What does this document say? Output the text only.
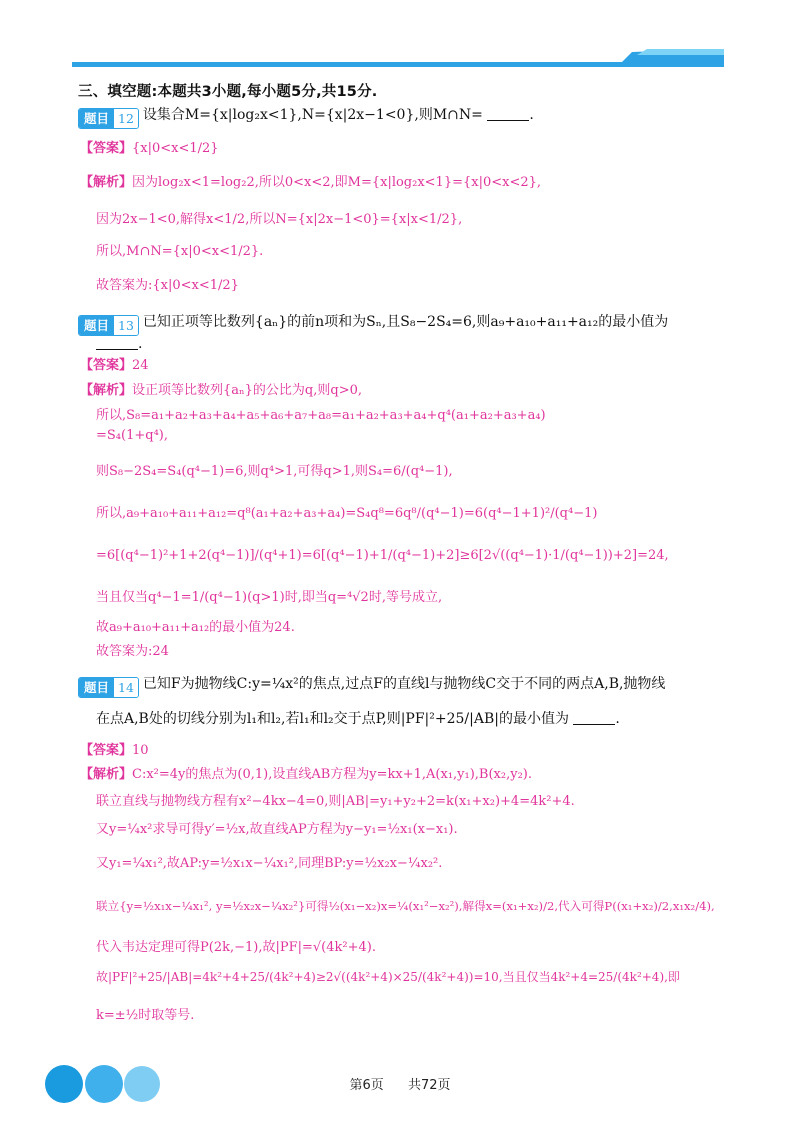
三、填空题:本题共3小题,每小题5分,共15分.
题目 12 设集合M={x|log₂x<1},N={x|2x−1<0},则M∩N=	.
【答案】{x|0<x<1/2}
【解析】因为log₂x<1=log₂2,所以0<x<2,即M={x|log₂x<1}={x|0<x<2},
因为2x−1<0,解得x<1/2,所以N={x|2x−1<0}={x|x<1/2},
所以,M∩N={x|0<x<1/2}.
故答案为:{x|0<x<1/2}
题目 13 已知正项等比数列{aₙ}的前n项和为Sₙ,且S₈−2S₄=6,则a₉+a₁₀+a₁₁+a₁₂的最小值为
.
【答案】24
【解析】设正项等比数列{aₙ}的公比为q,则q>0,
所以,S₈=a₁+a₂+a₃+a₄+a₅+a₆+a₇+a₈=a₁+a₂+a₃+a₄+q⁴(a₁+a₂+a₃+a₄)
=S₄(1+q⁴),
则S₈−2S₄=S₄(q⁴−1)=6,则q⁴>1,可得q>1,则S₄=6/(q⁴−1),
所以,a₉+a₁₀+a₁₁+a₁₂=q⁸(a₁+a₂+a₃+a₄)=S₄q⁸=6q⁸/(q⁴−1)=6(q⁴−1+1)²/(q⁴−1)
=6[(q⁴−1)²+1+2(q⁴−1)]/(q⁴+1)=6[(q⁴−1)+1/(q⁴−1)+2]≥6[2√((q⁴−1)·1/(q⁴−1))+2]=24,
当且仅当q⁴−1=1/(q⁴−1)(q>1)时,即当q=⁴√2时,等号成立,
故a₉+a₁₀+a₁₁+a₁₂的最小值为24.
故答案为:24
题目 14 已知F为抛物线C:y=¼x²的焦点,过点F的直线l与抛物线C交于不同的两点A,B,抛物线
在点A,B处的切线分别为l₁和l₂,若l₁和l₂交于点P,则|PF|²+25/|AB|的最小值为	.
【答案】10
【解析】C:x²=4y的焦点为(0,1),设直线AB方程为y=kx+1,A(x₁,y₁),B(x₂,y₂).
联立直线与抛物线方程有x²−4kx−4=0,则|AB|=y₁+y₂+2=k(x₁+x₂)+4=4k²+4.
又y=¼x²求导可得y′=½x,故直线AP方程为y−y₁=½x₁(x−x₁).
又y₁=¼x₁²,故AP:y=½x₁x−¼x₁²,同理BP:y=½x₂x−¼x₂².
联立{y=½x₁x−¼x₁², y=½x₂x−¼x₂²}可得½(x₁−x₂)x=¼(x₁²−x₂²),解得x=(x₁+x₂)/2,代入可得P((x₁+x₂)/2,x₁x₂/4),
代入韦达定理可得P(2k,−1),故|PF|=√(4k²+4).
故|PF|²+25/|AB|=4k²+4+25/(4k²+4)≥2√((4k²+4)×25/(4k²+4))=10,当且仅当4k²+4=25/(4k²+4),即
k=±½时取等号.
第6页 共72页
